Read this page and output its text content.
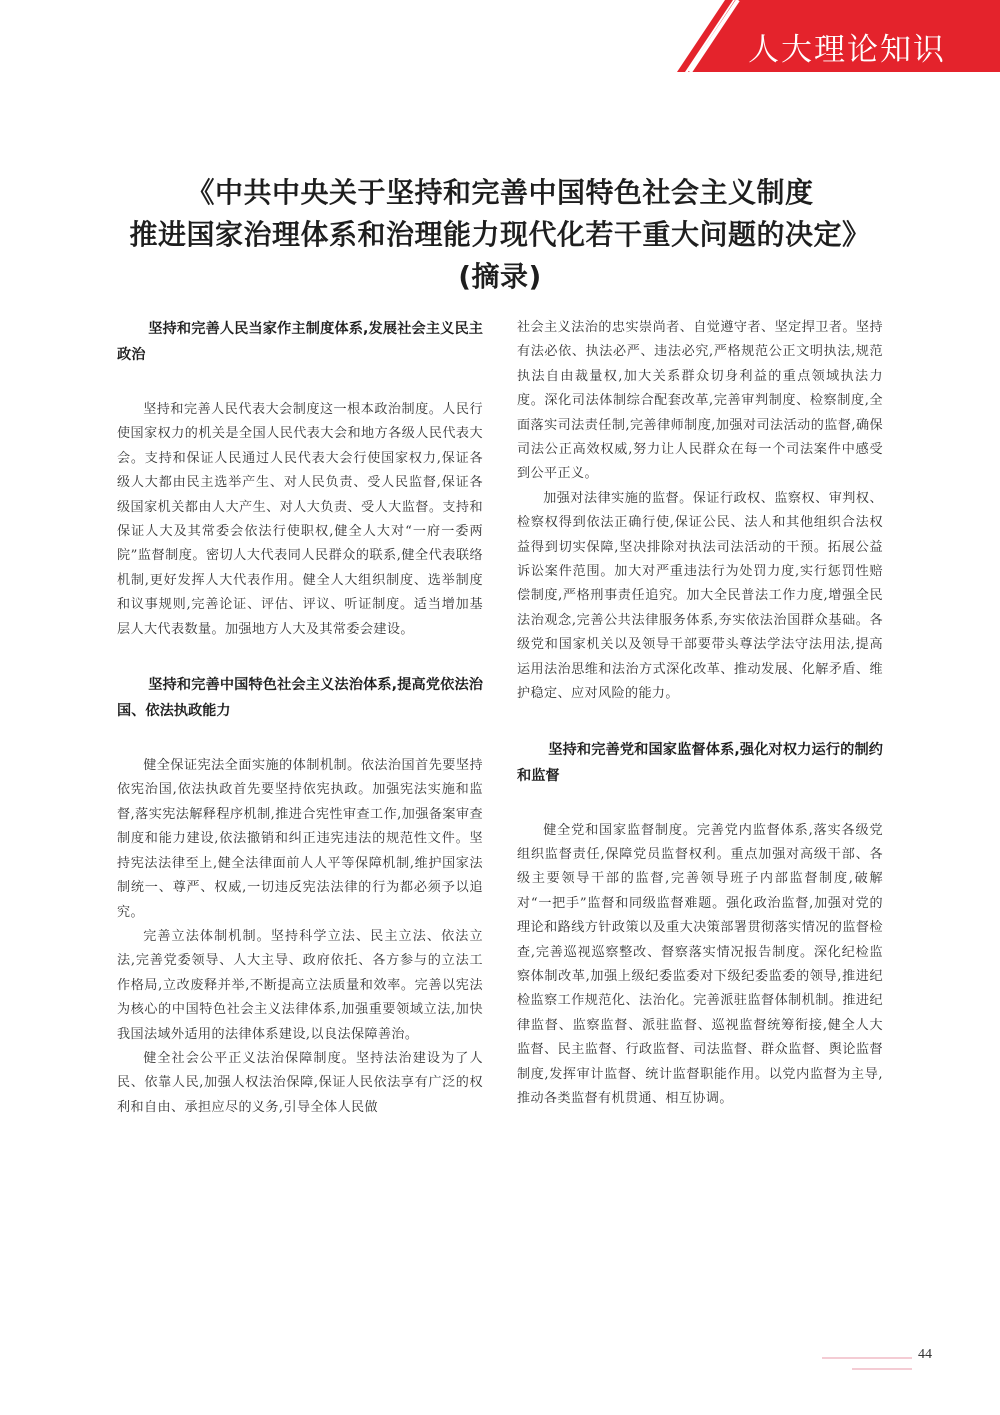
人大理论知识
《中共中央关于坚持和完善中国特色社会主义制度
推进国家治理体系和治理能力现代化若干重大问题的决定》
(摘录)

坚持和完善人民当家作主制度体系,发展社会主义民主政治

坚持和完善人民代表大会制度这一根本政治制度。人民行使国家权力的机关是全国人民代表大会和地方各级人民代表大会。支持和保证人民通过人民代表大会行使国家权力,保证各级人大都由民主选举产生、对人民负责、受人民监督,保证各级国家机关都由人大产生、对人大负责、受人大监督。支持和保证人大及其常委会依法行使职权,健全人大对“一府一委两院”监督制度。密切人大代表同人民群众的联系,健全代表联络机制,更好发挥人大代表作用。健全人大组织制度、选举制度和议事规则,完善论证、评估、评议、听证制度。适当增加基层人大代表数量。加强地方人大及其常委会建设。

坚持和完善中国特色社会主义法治体系,提高党依法治国、依法执政能力

健全保证宪法全面实施的体制机制。依法治国首先要坚持依宪治国,依法执政首先要坚持依宪执政。加强宪法实施和监督,落实宪法解释程序机制,推进合宪性审查工作,加强备案审查制度和能力建设,依法撤销和纠正违宪违法的规范性文件。坚持宪法法律至上,健全法律面前人人平等保障机制,维护国家法制统一、尊严、权威,一切违反宪法法律的行为都必须予以追究。

完善立法体制机制。坚持科学立法、民主立法、依法立法,完善党委领导、人大主导、政府依托、各方参与的立法工作格局,立改废释并举,不断提高立法质量和效率。完善以宪法为核心的中国特色社会主义法律体系,加强重要领域立法,加快我国法域外适用的法律体系建设,以良法保障善治。

健全社会公平正义法治保障制度。坚持法治建设为了人民、依靠人民,加强人权法治保障,保证人民依法享有广泛的权利和自由、承担应尽的义务,引导全体人民做

社会主义法治的忠实崇尚者、自觉遵守者、坚定捍卫者。坚持有法必依、执法必严、违法必究,严格规范公正文明执法,规范执法自由裁量权,加大关系群众切身利益的重点领域执法力度。深化司法体制综合配套改革,完善审判制度、检察制度,全面落实司法责任制,完善律师制度,加强对司法活动的监督,确保司法公正高效权威,努力让人民群众在每一个司法案件中感受到公平正义。

加强对法律实施的监督。保证行政权、监察权、审判权、检察权得到依法正确行使,保证公民、法人和其他组织合法权益得到切实保障,坚决排除对执法司法活动的干预。拓展公益诉讼案件范围。加大对严重违法行为处罚力度,实行惩罚性赔偿制度,严格刑事责任追究。加大全民普法工作力度,增强全民法治观念,完善公共法律服务体系,夯实依法治国群众基础。各级党和国家机关以及领导干部要带头尊法学法守法用法,提高运用法治思维和法治方式深化改革、推动发展、化解矛盾、维护稳定、应对风险的能力。

坚持和完善党和国家监督体系,强化对权力运行的制约和监督

健全党和国家监督制度。完善党内监督体系,落实各级党组织监督责任,保障党员监督权利。重点加强对高级干部、各级主要领导干部的监督,完善领导班子内部监督制度,破解对“一把手”监督和同级监督难题。强化政治监督,加强对党的理论和路线方针政策以及重大决策部署贯彻落实情况的监督检查,完善巡视巡察整改、督察落实情况报告制度。深化纪检监察体制改革,加强上级纪委监委对下级纪委监委的领导,推进纪检监察工作规范化、法治化。完善派驻监督体制机制。推进纪律监督、监察监督、派驻监督、巡视监督统筹衔接,健全人大监督、民主监督、行政监督、司法监督、群众监督、舆论监督制度,发挥审计监督、统计监督职能作用。以党内监督为主导,推动各类监督有机贯通、相互协调。

44
